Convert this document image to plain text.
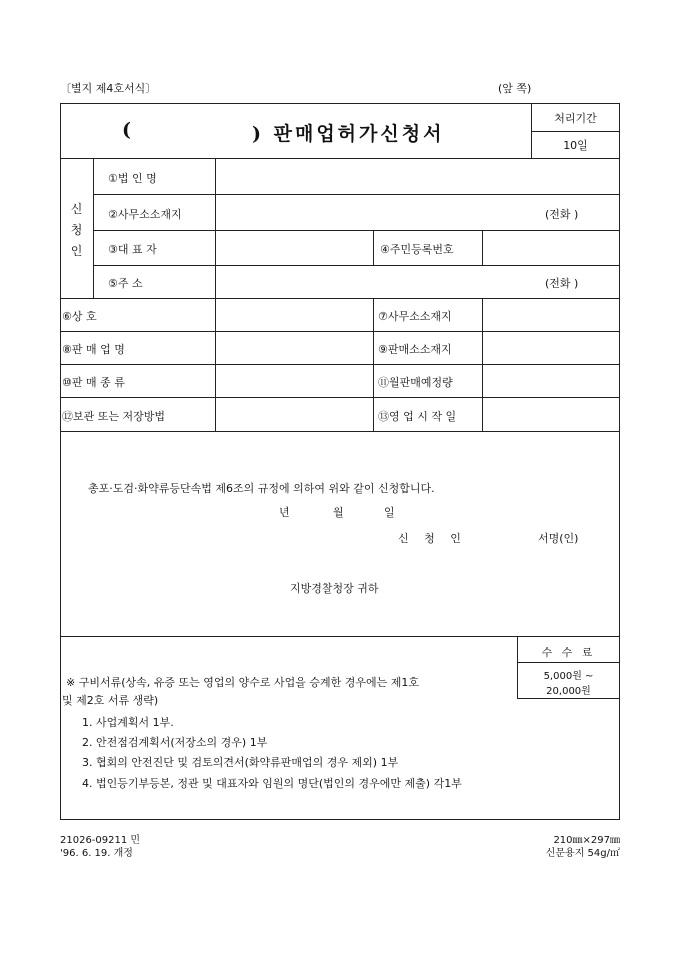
〔별지 제4호서식〕	(앞 쪽)
(	) 판매업허가신청서
처리기간
10일
신
청
인
①법 인 명
②사무소소재지	(전화 )
③대 표 자	④주민등록번호
⑤주 소	(전화 )
⑥상 호	⑦사무소소재지
⑧판 매 업 명	⑨판매소소재지
⑩판 매 종 류	⑪월판매예정량
⑫보관 또는 저장방법	⑬영 업 시 작 일
총포·도검·화약류등단속법 제6조의 규정에 의하여 위와 같이 신청합니다.
년	월	일
신 청 인	서명(인)
지방경찰청장 귀하
수 수 료
5,000원 ~
20,000원
※ 구비서류(상속, 유증 또는 영업의 양수로 사업을 승계한 경우에는 제1호
및 제2호 서류 생략)
1. 사업계획서 1부.
2. 안전점검계획서(저장소의 경우) 1부
3. 협회의 안전진단 및 검토의견서(화약류판매업의 경우 제외) 1부
4. 법인등기부등본, 정관 및 대표자와 임원의 명단(법인의 경우에만 제출) 각1부
21026-09211 민
'96. 6. 19. 개정
210㎜×297㎜
신문용지 54g/㎡
